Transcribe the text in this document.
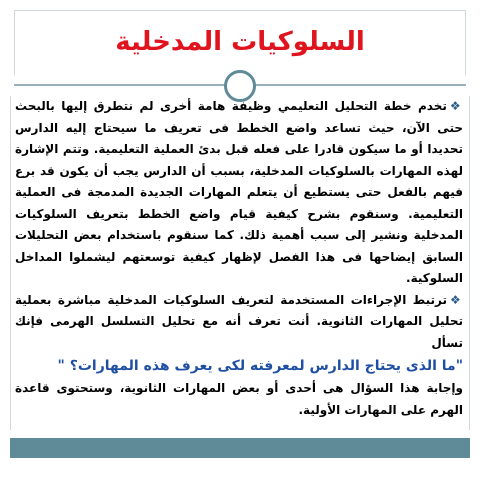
السلوكيات المدخلية

❖تخدم خطة التحليل التعليمي وظيفة هامة أخرى لم نتطرق إليها بالبحث حتى الآن، حيث تساعد واضع الخطط فى تعريف ما سيحتاج إليه الدارس تحديدا أو ما سيكون قادرا على فعله قبل بدئ العملية التعليمية. وتتم الإشارة لهذه المهارات بالسلوكيات المدخلية، بسبب أن الدارس يجب أن يكون قد برع فيهم بالفعل حتى يستطيع أن يتعلم المهارات الجديدة المدمجة فى العملية التعليمية. وسنقوم بشرح كيفية قيام واضع الخطط بتعريف السلوكيات المدخلية ونشير إلى سبب أهمية ذلك. كما سنقوم باستخدام بعض التحليلات السابق إيضاحها فى هذا الفصل لإظهار كيفية توسعتهم ليشملوا المداخل السلوكية.

❖ترتبط الإجراءات المستخدمة لتعريف السلوكيات المدخلية مباشرة بعملية تحليل المهارات الثانوية. أنت تعرف أنه مع تحليل التسلسل الهرمى فإنك تسأل

"ما الذى يحتاج الدارس لمعرفته لكى يعرف هذه المهارات؟ "

وإجابة هذا السؤال هى أحدى أو بعض المهارات الثانوية، وستحتوى قاعدة الهرم على المهارات الأولية.
